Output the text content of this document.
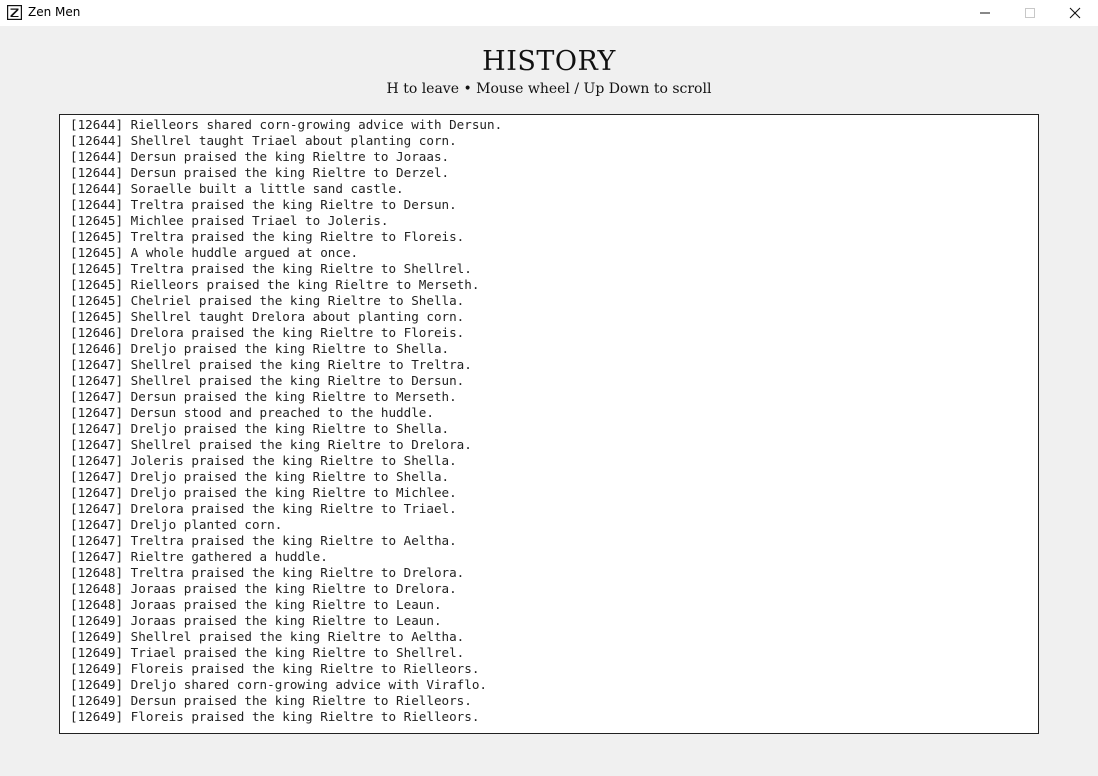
Zen Men
HISTORY
H to leave • Mouse wheel / Up Down to scroll
[12644] Rielleors shared corn-growing advice with Dersun.
[12644] Shellrel taught Triael about planting corn.
[12644] Dersun praised the king Rieltre to Joraas.
[12644] Dersun praised the king Rieltre to Derzel.
[12644] Soraelle built a little sand castle.
[12644] Treltra praised the king Rieltre to Dersun.
[12645] Michlee praised Triael to Joleris.
[12645] Treltra praised the king Rieltre to Floreis.
[12645] A whole huddle argued at once.
[12645] Treltra praised the king Rieltre to Shellrel.
[12645] Rielleors praised the king Rieltre to Merseth.
[12645] Chelriel praised the king Rieltre to Shella.
[12645] Shellrel taught Drelora about planting corn.
[12646] Drelora praised the king Rieltre to Floreis.
[12646] Dreljo praised the king Rieltre to Shella.
[12647] Shellrel praised the king Rieltre to Treltra.
[12647] Shellrel praised the king Rieltre to Dersun.
[12647] Dersun praised the king Rieltre to Merseth.
[12647] Dersun stood and preached to the huddle.
[12647] Dreljo praised the king Rieltre to Shella.
[12647] Shellrel praised the king Rieltre to Drelora.
[12647] Joleris praised the king Rieltre to Shella.
[12647] Dreljo praised the king Rieltre to Shella.
[12647] Dreljo praised the king Rieltre to Michlee.
[12647] Drelora praised the king Rieltre to Triael.
[12647] Dreljo planted corn.
[12647] Treltra praised the king Rieltre to Aeltha.
[12647] Rieltre gathered a huddle.
[12648] Treltra praised the king Rieltre to Drelora.
[12648] Joraas praised the king Rieltre to Drelora.
[12648] Joraas praised the king Rieltre to Leaun.
[12649] Joraas praised the king Rieltre to Leaun.
[12649] Shellrel praised the king Rieltre to Aeltha.
[12649] Triael praised the king Rieltre to Shellrel.
[12649] Floreis praised the king Rieltre to Rielleors.
[12649] Dreljo shared corn-growing advice with Viraflo.
[12649] Dersun praised the king Rieltre to Rielleors.
[12649] Floreis praised the king Rieltre to Rielleors.
